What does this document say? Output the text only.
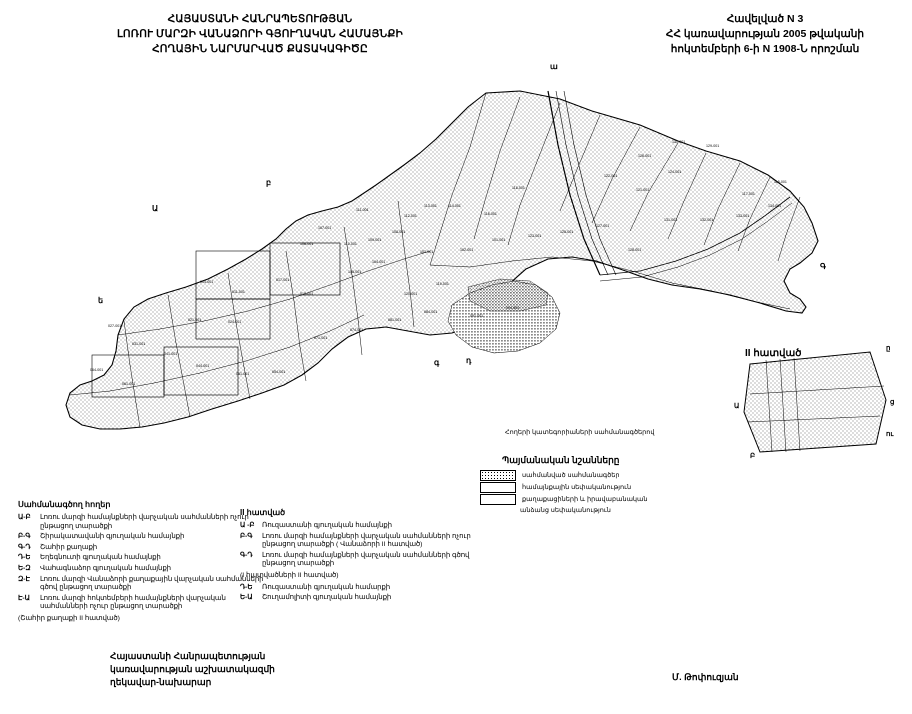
ՀԱՅԱՍՏԱՆԻ ՀԱՆՐԱՊԵՏՈՒԹՅԱՆ
ԼՈՌՈՒ ՄԱՐԶԻ ՎԱՆԱՁՈՐԻ ԳՅՈՒՂԱԿԱՆ ՀԱՄԱՅՆՔԻ
ՀՈՂԱՅԻՆ ՆԱՐՄԱՐՎԱԾ ՔԱՏԱԿԱԳԻԾԸ
Հավելված N 3
ՀՀ կառավարության 2005 թվականի
հոկտեմբերի 6-ի N 1908-Ն որոշման
ա
բ
Ա
ե
դ
գ
Գ
130-001
129-001
126-001
124-001
122-001
121-001
118-001
116-001
114-001
113-001
112-001
111-001
110-001
109-001
108-001
107-001
106-001
105-001
104-001
103-001	102-001
101-001
123-001
125-001
127-001
128-001
131-001	132-001
133-001
134-001
115-001
117-001
119-001
120-001
011-001
014-001	017-001
018-001
021-001	024-001
027-001
031-001
041-001
044-001
051-001	054-001
061-001
064-001
071-001
074-001
081-001
084-001
091-001
094-001
Հողերի կատեգորիաների սահմանագծերով
II հատված	ը
ց
ու
Ա
Բ
Պայմանական նշանները
սահմանված սահմանագծեր
համայնքային սեփականություն
քաղաքացիների և իրավաբանական
անձանց սեփականություն
Սահմանագծող հողեր
Ա-Բ	Լոռու մարզի համայնքների վարչական սահմանների ոչուր ընթացող տարածքի
Բ-Գ	Շիրակատավանի գյուղական համայնքի
Գ-Դ	Շահիր քաղաքի
Դ-Ե	Եղեգնուտի գյուղական համայնքի
Ե-Զ	Վահագնաձոր գյուղական համայնքի
Զ-Է	Լոռու մարզի Վանաձորի քաղաքային վարչական սահմանների գծով ընթացող տարածքի
Է-Ա	Լոռու մարզի հոկտեմբերի համայնքների վարչական սահմանների ոչուր ընթացող տարածքի
(Շահիր քաղաքի II հատված)
II հատված
Ա -Բ	Ռուզաստանի գյուղական համայնքի
Բ-Գ	Լոռու մարզի համայնքների վարչական սահմանների ոչուր ընթացող տարածքի ( Վանաձորի II հատված)
Գ-Դ	Լոռու մարզի համայնքների վարչական սահմանների գծով ընթացող տարածքի
(I հատվածների II հատված)
Դ-Ե	Ռուզաստանի գյուղական համարքի
Ե-Ա	Շուղամոլիտի գյուղական համայնքի
Հայաստանի Հանրապետության
կառավարության աշխատակազմի
ղեկավար-նախարար	Մ. Թոփուզյան
